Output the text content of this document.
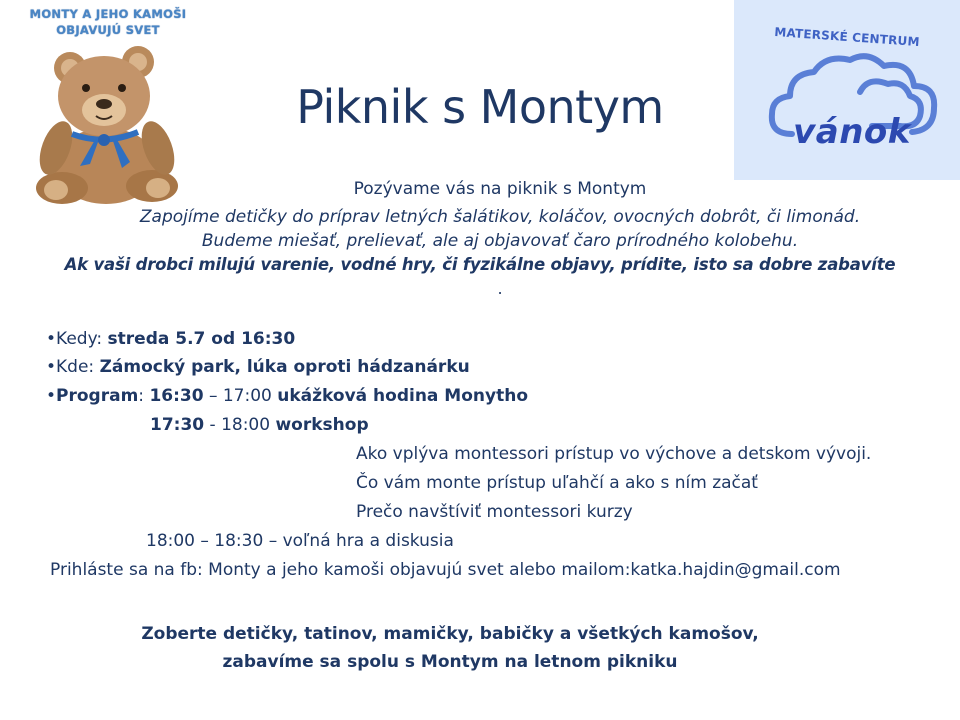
MONTY A JEHO KAMOŠI
OBJAVUJÚ SVET	MATERSKÉ CENTRUM
vánok
Piknik s Montym
Pozývame vás na piknik s Montym
Zapojíme detičky do príprav letných šalátikov, koláčov, ovocných dobrôt, či limonád.
Budeme miešať, prelievať, ale aj objavovať čaro prírodného kolobehu.
Ak vaši drobci milujú varenie, vodné hry, či fyzikálne objavy, prídite, isto sa dobre zabavíte
.
•Kedy: streda 5.7 od 16:30
•Kde: Zámocký park, lúka oproti hádzanárku
•Program: 16:30 – 17:00 ukážková hodina Monytho
17:30 - 18:00 workshop
Ako vplýva montessori prístup vo výchove a detskom vývoji.
Čo vám monte prístup uľahčí a ako s ním začať
Prečo navštíviť montessori kurzy
18:00 – 18:30 – voľná hra a diskusia
Prihláste sa na fb: Monty a jeho kamoši objavujú svet alebo mailom:katka.hajdin@gmail.com
Zoberte detičky, tatinov, mamičky, babičky a všetkých kamošov,
zabavíme sa spolu s Montym na letnom pikniku
